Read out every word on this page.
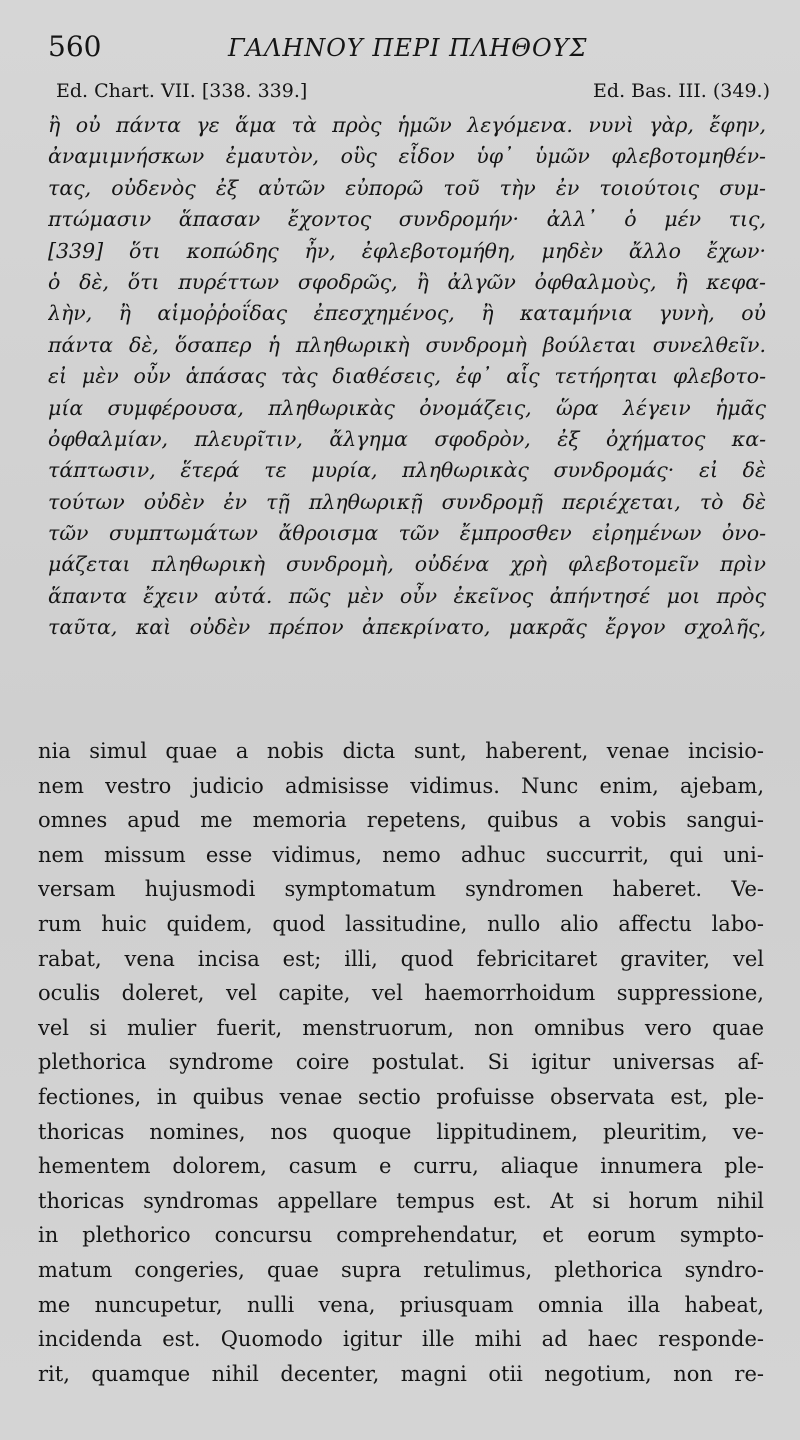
560	ΓΑΛΗΝΟΥ ΠΕΡΙ ΠΛΗΘΟΥΣ
Ed. Chart. VII. [338. 339.]	Ed. Bas. III. (349.)
ἢ οὐ πάντα γε ἅμα τὰ πρὸς ἡμῶν λεγόμενα. νυνὶ γὰρ, ἔφην,
ἀναμιμνήσκων ἐμαυτὸν, οὓς εἶδον ὑφ᾽ ὑμῶν φλεβοτομηθέν-
τας, οὐδενὸς ἐξ αὐτῶν εὐπορῶ τοῦ τὴν ἐν τοιούτοις συμ-
πτώμασιν ἅπασαν ἔχοντος συνδρομήν· ἀλλ᾽ ὁ μέν τις,
[339] ὅτι κοπώδης ἦν, ἐφλεβοτομήθη, μηδὲν ἄλλο ἔχων·
ὁ δὲ, ὅτι πυρέττων σφοδρῶς, ἢ ἀλγῶν ὀφθαλμοὺς, ἢ κεφα-
λὴν, ἢ αἱμοῤῥοΐδας ἐπεσχημένος, ἢ καταμήνια γυνὴ, οὐ
πάντα δὲ, ὅσαπερ ἡ πληθωρικὴ συνδρομὴ βούλεται συνελθεῖν.
εἰ μὲν οὖν ἁπάσας τὰς διαθέσεις, ἐφ᾽ αἷς τετήρηται φλεβοτο-
μία συμφέρουσα, πληθωρικὰς ὀνομάζεις, ὥρα λέγειν ἡμᾶς
ὀφθαλμίαν, πλευρῖτιν, ἄλγημα σφοδρὸν, ἐξ ὀχήματος κα-
τάπτωσιν, ἕτερά τε μυρία, πληθωρικὰς συνδρομάς· εἰ δὲ
τούτων οὐδὲν ἐν τῇ πληθωρικῇ συνδρομῇ περιέχεται, τὸ δὲ
τῶν συμπτωμάτων ἄθροισμα τῶν ἔμπροσθεν εἰρημένων ὀνο-
μάζεται πληθωρικὴ συνδρομὴ, οὐδένα χρὴ φλεβοτομεῖν πρὶν
ἅπαντα ἔχειν αὐτά. πῶς μὲν οὖν ἐκεῖνος ἀπήντησέ μοι πρὸς
ταῦτα, καὶ οὐδὲν πρέπον ἀπεκρίνατο, μακρᾶς ἔργον σχολῆς,
nia simul quae a nobis dicta sunt, haberent, venae incisio-
nem vestro judicio admisisse vidimus. Nunc enim, ajebam,
omnes apud me memoria repetens, quibus a vobis sangui-
nem missum esse vidimus, nemo adhuc succurrit, qui uni-
versam hujusmodi symptomatum syndromen haberet. Ve-
rum huic quidem, quod lassitudine, nullo alio affectu labo-
rabat, vena incisa est; illi, quod febricitaret graviter, vel
oculis doleret, vel capite, vel haemorrhoidum suppressione,
vel si mulier fuerit, menstruorum, non omnibus vero quae
plethorica syndrome coire postulat. Si igitur universas af-
fectiones, in quibus venae sectio profuisse observata est, ple-
thoricas nomines, nos quoque lippitudinem, pleuritim, ve-
hementem dolorem, casum e curru, aliaque innumera ple-
thoricas syndromas appellare tempus est. At si horum nihil
in plethorico concursu comprehendatur, et eorum sympto-
matum congeries, quae supra retulimus, plethorica syndro-
me nuncupetur, nulli vena, priusquam omnia illa habeat,
incidenda est. Quomodo igitur ille mihi ad haec responde-
rit, quamque nihil decenter, magni otii negotium, non re-
